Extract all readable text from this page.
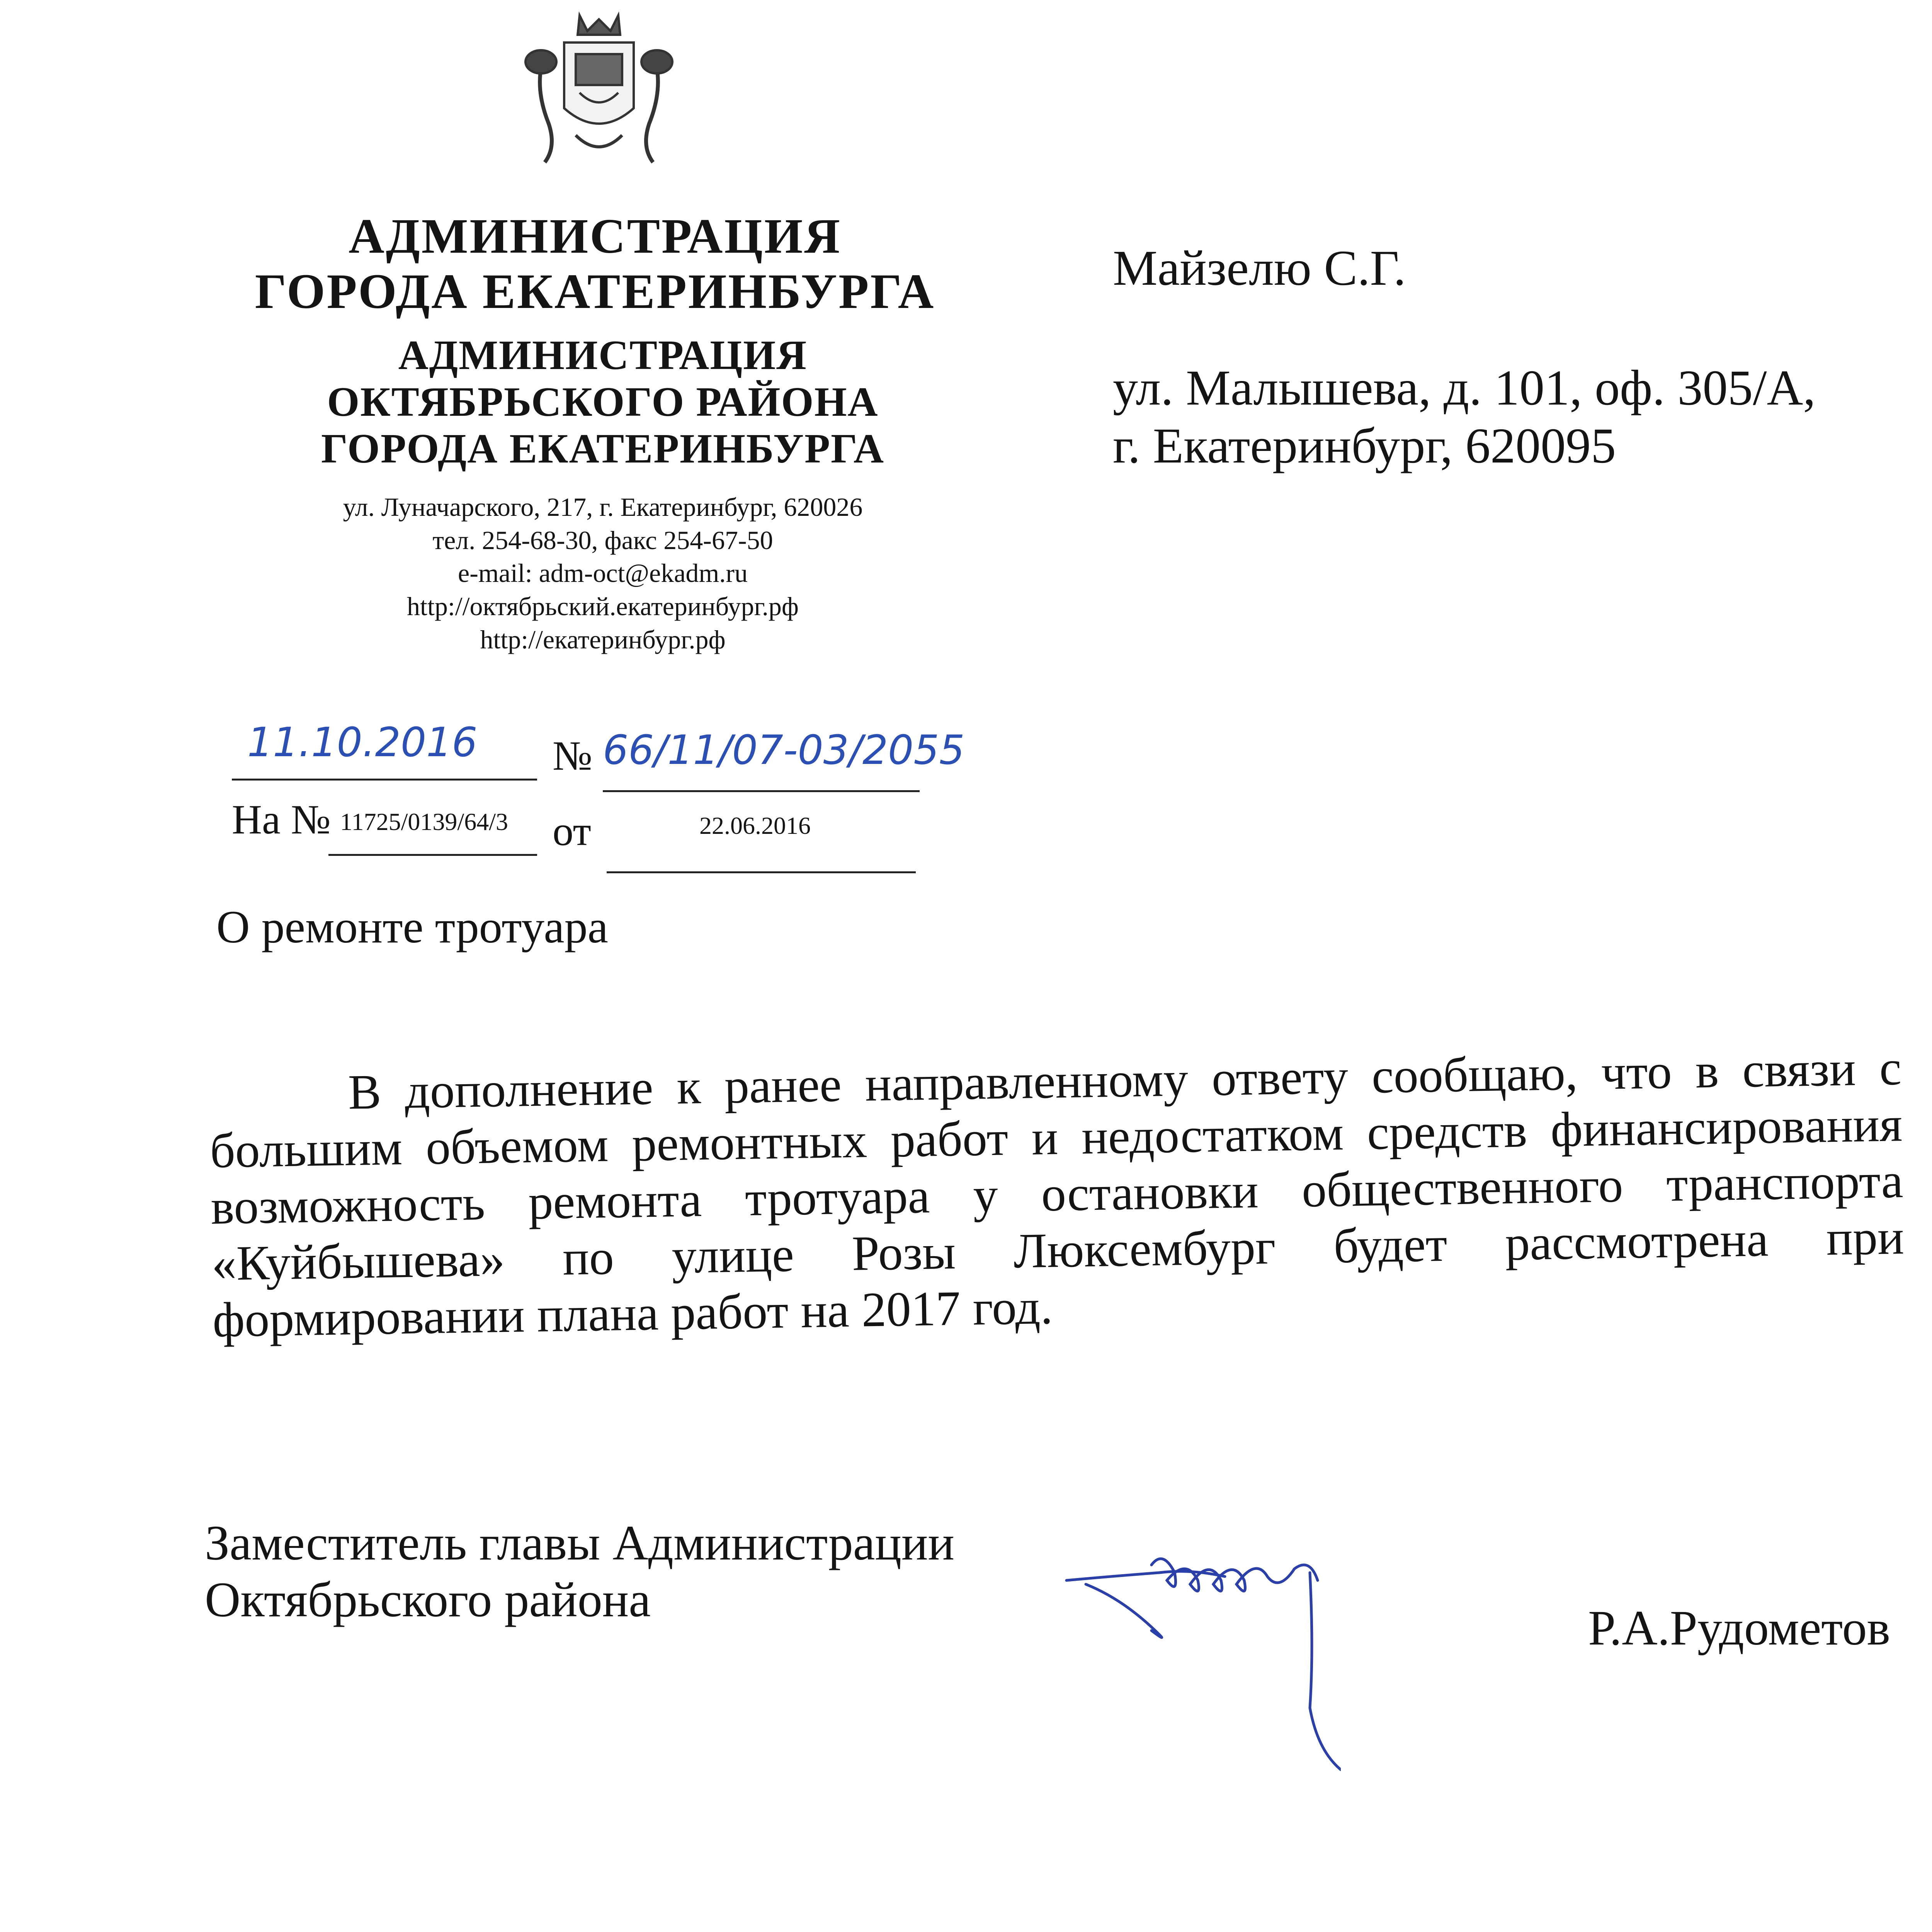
АДМИНИСТРАЦИЯ
ГОРОДА ЕКАТЕРИНБУРГА
АДМИНИСТРАЦИЯ
ОКТЯБРЬСКОГО РАЙОНА
ГОРОДА ЕКАТЕРИНБУРГА
ул. Луначарского, 217, г. Екатеринбург, 620026
тел. 254-68-30, факс 254-67-50
e-mail: adm-oct@ekadm.ru
http://октябрьский.екатеринбург.рф
http://екатеринбург.рф
11.10.2016 № 66/11/07-03/2055
На № 11725/0139/64/3 от	22.06.2016
Майзелю С.Г.
ул. Малышева, д. 101, оф. 305/А,
г. Екатеринбург, 620095
О ремонте тротуара

В дополнение к ранее направленному ответу сообщаю, что в связи с большим объемом ремонтных работ и недостатком средств финансирования возможность ремонта тротуара у остановки общественного транспорта «Куйбышева» по улице Розы Люксембург будет рассмотрена при формировании плана работ на 2017 год.

Заместитель главы Администрации
Октябрьского района
Р.А.Рудометов
